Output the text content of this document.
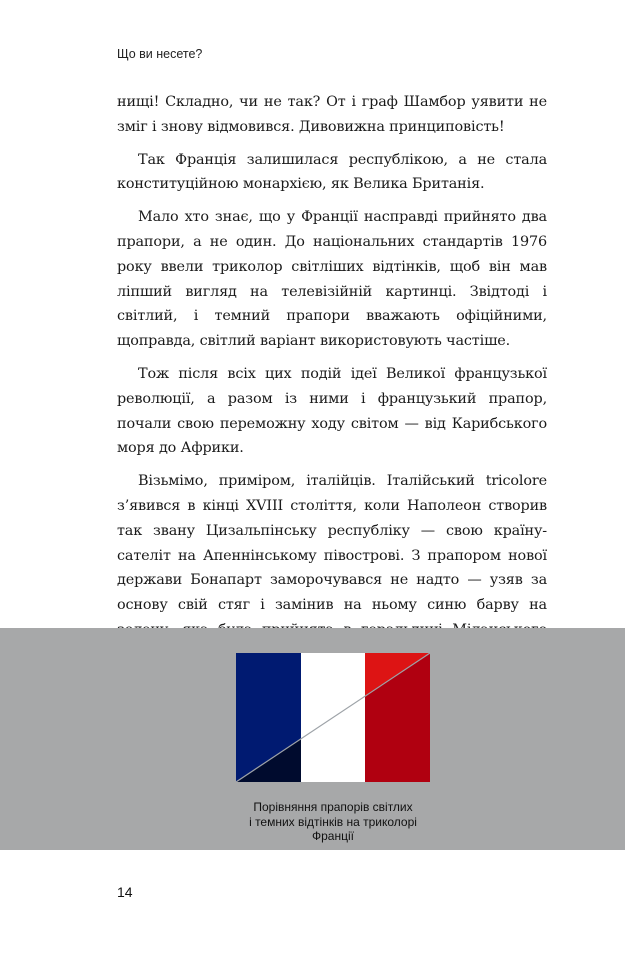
Що ви несете?

нищі! Складно, чи не так? От і граф Шамбор уявити не зміг і знову відмовився. Дивовижна принциповість!

Так Франція залишилася республікою, а не стала конституційною монархією, як Велика Британія.

Мало хто знає, що у Франції насправді прийнято два прапори, а не один. До національних стандартів 1976 року ввели триколор світліших відтінків, щоб він мав ліпший вигляд на телевізійній картинці. Звідтоді і світлий, і темний прапори вважають офіційними, щоправда, світлий варіант використовують частіше.

Тож після всіх цих подій ідеї Великої французької революції, а разом із ними і французький прапор, почали свою переможну ходу світом — від Карибського моря до Африки.

Візьмімо, приміром, італійців. Італійський tricolore з’явився в кінці XVIII століття, коли Наполеон створив так звану Цизальпінську республіку — свою країну-сателіт на Апеннінському півострові. З прапором нової держави Бонапарт заморочувався не надто — узяв за основу свій стяг і замінив на ньому синю барву на

Порівняння прапорів світлих
і темних відтінків на триколорі
Франції
14
